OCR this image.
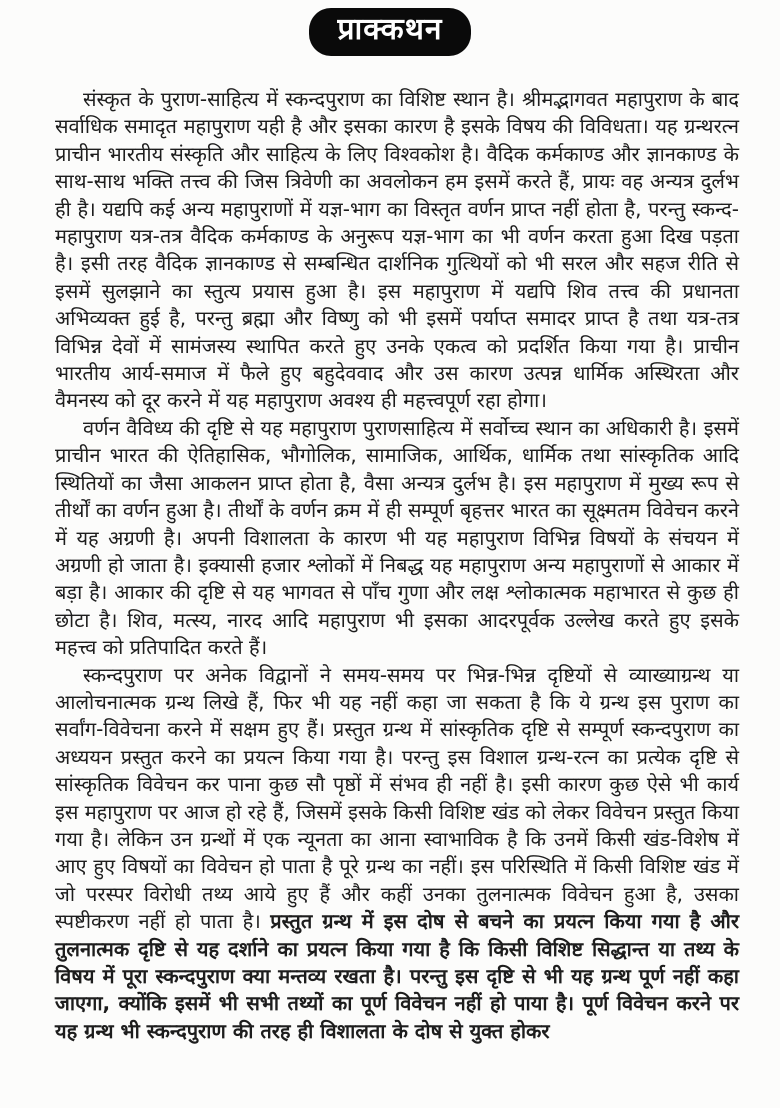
प्राक्कथन

संस्कृत के पुराण-साहित्य में स्कन्दपुराण का विशिष्ट स्थान है। श्रीमद्भागवत महापुराण के बाद सर्वाधिक समादृत महापुराण यही है और इसका कारण है इसके विषय की विविधता। यह ग्रन्थरत्न प्राचीन भारतीय संस्कृति और साहित्य के लिए विश्वकोश है। वैदिक कर्मकाण्ड और ज्ञानकाण्ड के साथ-साथ भक्ति तत्त्व की जिस त्रिवेणी का अवलोकन हम इसमें करते हैं, प्रायः वह अन्यत्र दुर्लभ ही है। यद्यपि कई अन्य महापुराणों में यज्ञ-भाग का विस्तृत वर्णन प्राप्त नहीं होता है, परन्तु स्कन्द-महापुराण यत्र-तत्र वैदिक कर्मकाण्ड के अनुरूप यज्ञ-भाग का भी वर्णन करता हुआ दिख पड़ता है। इसी तरह वैदिक ज्ञानकाण्ड से सम्बन्धित दार्शनिक गुत्थियों को भी सरल और सहज रीति से इसमें सुलझाने का स्तुत्य प्रयास हुआ है। इस महापुराण में यद्यपि शिव तत्त्व की प्रधानता अभिव्यक्त हुई है, परन्तु ब्रह्मा और विष्णु को भी इसमें पर्याप्त समादर प्राप्त है तथा यत्र-तत्र विभिन्न देवों में सामंजस्य स्थापित करते हुए उनके एकत्व को प्रदर्शित किया गया है। प्राचीन भारतीय आर्य-समाज में फैले हुए बहुदेववाद और उस कारण उत्पन्न धार्मिक अस्थिरता और वैमनस्य को दूर करने में यह महापुराण अवश्य ही महत्त्वपूर्ण रहा होगा।

वर्णन वैविध्य की दृष्टि से यह महापुराण पुराणसाहित्य में सर्वोच्च स्थान का अधिकारी है। इसमें प्राचीन भारत की ऐतिहासिक, भौगोलिक, सामाजिक, आर्थिक, धार्मिक तथा सांस्कृतिक आदि स्थितियों का जैसा आकलन प्राप्त होता है, वैसा अन्यत्र दुर्लभ है। इस महापुराण में मुख्य रूप से तीर्थों का वर्णन हुआ है। तीर्थों के वर्णन क्रम में ही सम्पूर्ण बृहत्तर भारत का सूक्ष्मतम विवेचन करने में यह अग्रणी है। अपनी विशालता के कारण भी यह महापुराण विभिन्न विषयों के संचयन में अग्रणी हो जाता है। इक्यासी हजार श्लोकों में निबद्ध यह महापुराण अन्य महापुराणों से आकार में बड़ा है। आकार की दृष्टि से यह भागवत से पाँच गुणा और लक्ष श्लोकात्मक महाभारत से कुछ ही छोटा है। शिव, मत्स्य, नारद आदि महापुराण भी इसका आदरपूर्वक उल्लेख करते हुए इसके महत्त्व को प्रतिपादित करते हैं।

स्कन्दपुराण पर अनेक विद्वानों ने समय-समय पर भिन्न-भिन्न दृष्टियों से व्याख्याग्रन्थ या आलोचनात्मक ग्रन्थ लिखे हैं, फिर भी यह नहीं कहा जा सकता है कि ये ग्रन्थ इस पुराण का सर्वांग-विवेचना करने में सक्षम हुए हैं। प्रस्तुत ग्रन्थ में सांस्कृतिक दृष्टि से सम्पूर्ण स्कन्दपुराण का अध्ययन प्रस्तुत करने का प्रयत्न किया गया है। परन्तु इस विशाल ग्रन्थ-रत्न का प्रत्येक दृष्टि से सांस्कृतिक विवेचन कर पाना कुछ सौ पृष्ठों में संभव ही नहीं है। इसी कारण कुछ ऐसे भी कार्य इस महापुराण पर आज हो रहे हैं, जिसमें इसके किसी विशिष्ट खंड को लेकर विवेचन प्रस्तुत किया गया है। लेकिन उन ग्रन्थों में एक न्यूनता का आना स्वाभाविक है कि उनमें किसी खंड-विशेष में आए हुए विषयों का विवेचन हो पाता है पूरे ग्रन्थ का नहीं। इस परिस्थिति में किसी विशिष्ट खंड में जो परस्पर विरोधी तथ्य आये हुए हैं और कहीं उनका तुलनात्मक विवेचन हुआ है, उसका स्पष्टीकरण नहीं हो पाता है। प्रस्तुत ग्रन्थ में इस दोष से बचने का प्रयत्न किया गया है और तुलनात्मक दृष्टि से यह दर्शाने का प्रयत्न किया गया है कि किसी विशिष्ट सिद्धान्त या तथ्य के विषय में पूरा स्कन्दपुराण क्या मन्तव्य रखता है। परन्तु इस दृष्टि से भी यह ग्रन्थ पूर्ण नहीं कहा जाएगा, क्योंकि इसमें भी सभी तथ्यों का पूर्ण विवेचन नहीं हो पाया है। पूर्ण विवेचन करने पर यह ग्रन्थ भी स्कन्दपुराण की तरह ही विशालता के दोष से युक्त होकर
